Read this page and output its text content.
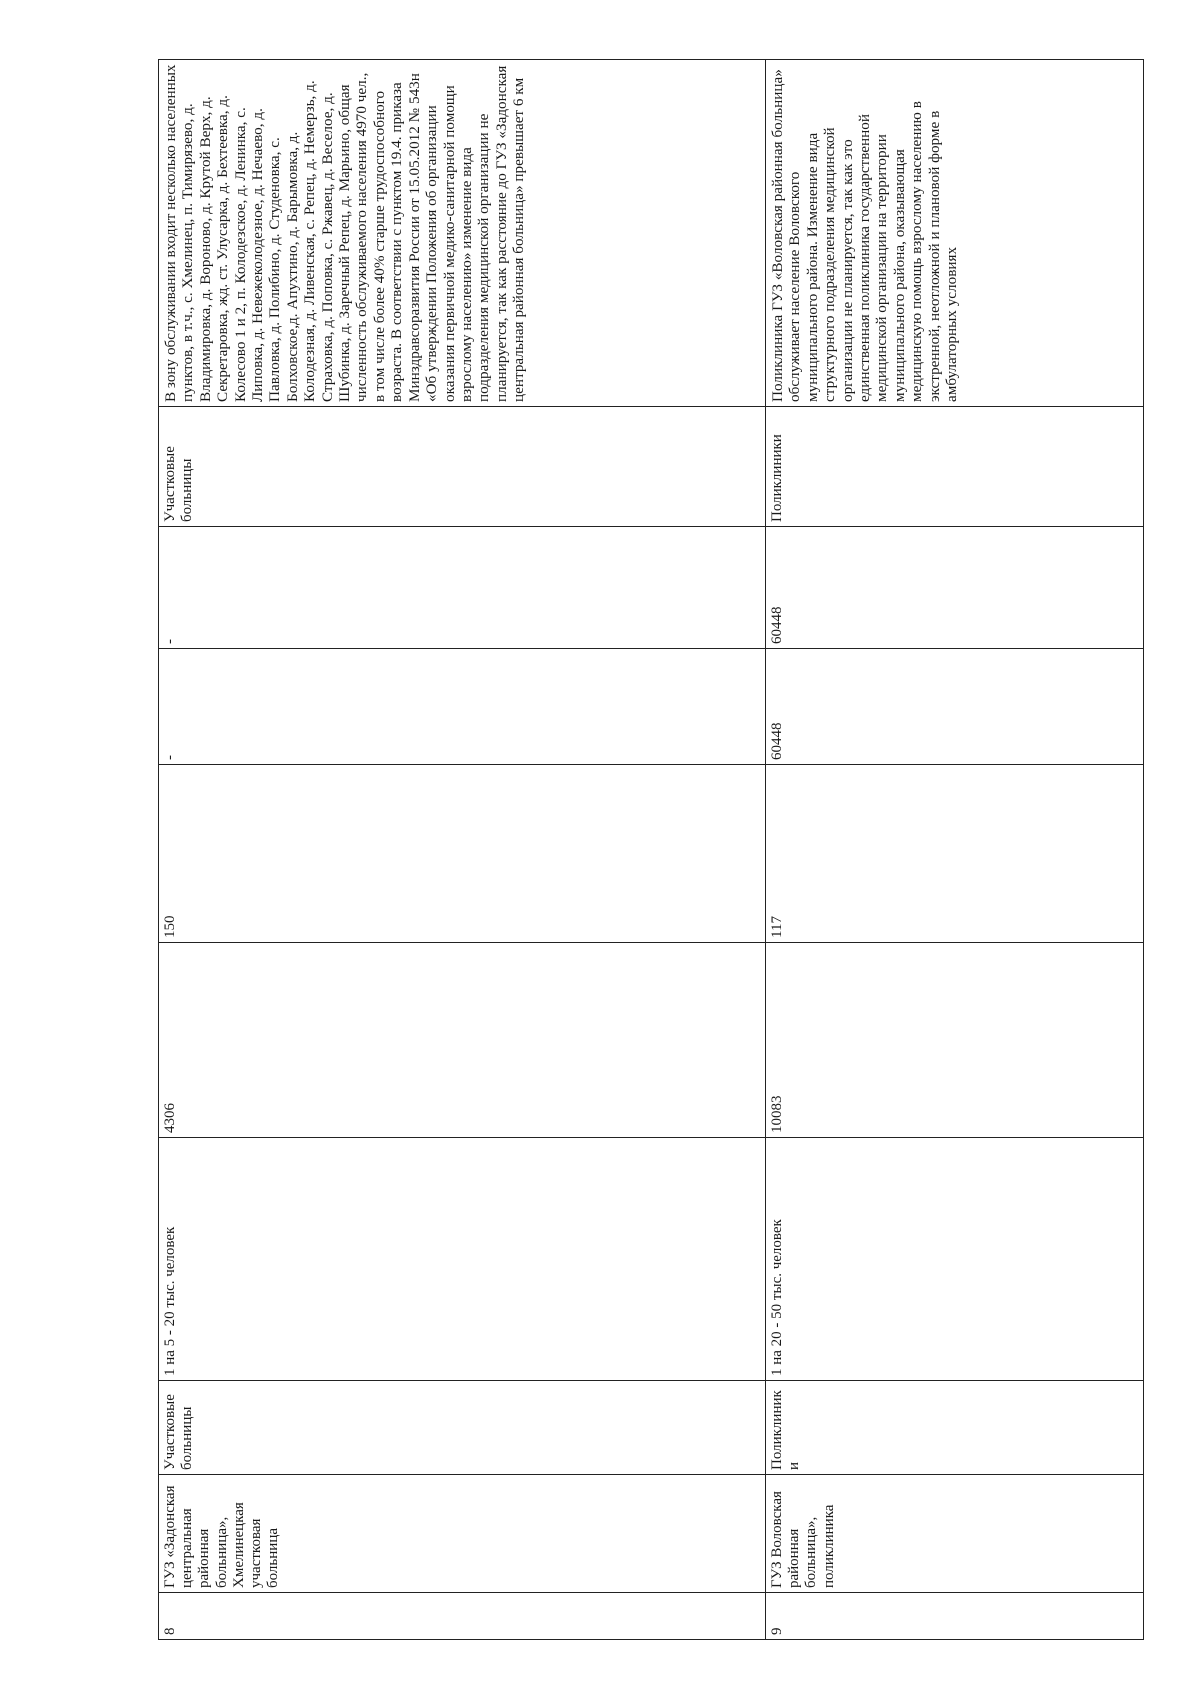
8	ГУЗ «Задонская центральная районная больница», Хмелинецкая участковая больница	Участковые больницы	1 на 5 - 20 тыс. человек	4306	150	-	-	Участковые больницы	В зону обслуживании входит несколько населенных пунктов, в т.ч., с. Хмелинец, п. Тимирязево, д. Владимировка, д. Вороново, д. Крутой Верх, д. Секретаровка, жд. ст. Улусарка, д. Бехтеевка, д. Колесово 1 и 2, п. Колодезское, д. Ленинка, с. Липовка, д. Невежеколодезное, д. Нечаево, д. Павловка, д. Полибино, д. Студеновка, с. Болховское,д. Апухтино, д. Барымовка, д. Колодезная, д. Ливенская, с. Репец, д. Немерзь, д. Страховка, д. Поповка, с. Ржавец, д. Веселое, д. Шубинка, д. Заречный Репец, д. Марьино, общая численность обслуживаемого населения 4970 чел., в том числе более 40% старше трудоспособного возраста. В соответствии с пунктом 19.4. приказа Минздравсоразвития России от 15.05.2012 № 543н «Об утверждении Положения об организации оказания первичной медико-санитарной помощи взрослому населению» изменение вида подразделения медицинской организации не планируется, так как расстояние до ГУЗ «Задонская центральная районная больница» превышает 6 км
9	ГУЗ Воловская районная больница», поликлиника	Поликлиники	1 на 20 - 50 тыс. человек	10083	117	60448	60448	Поликлиники	Поликлиника ГУЗ «Воловская районная больница» обслуживает население Воловского муниципального района. Изменение вида структурного подразделения медицинской организации не планируется, так как это единственная поликлиника государственной медицинской организации на территории муниципального района, оказывающая медицинскую помощь взрослому населению в экстренной, неотложной и плановой форме в амбулаторных условиях
